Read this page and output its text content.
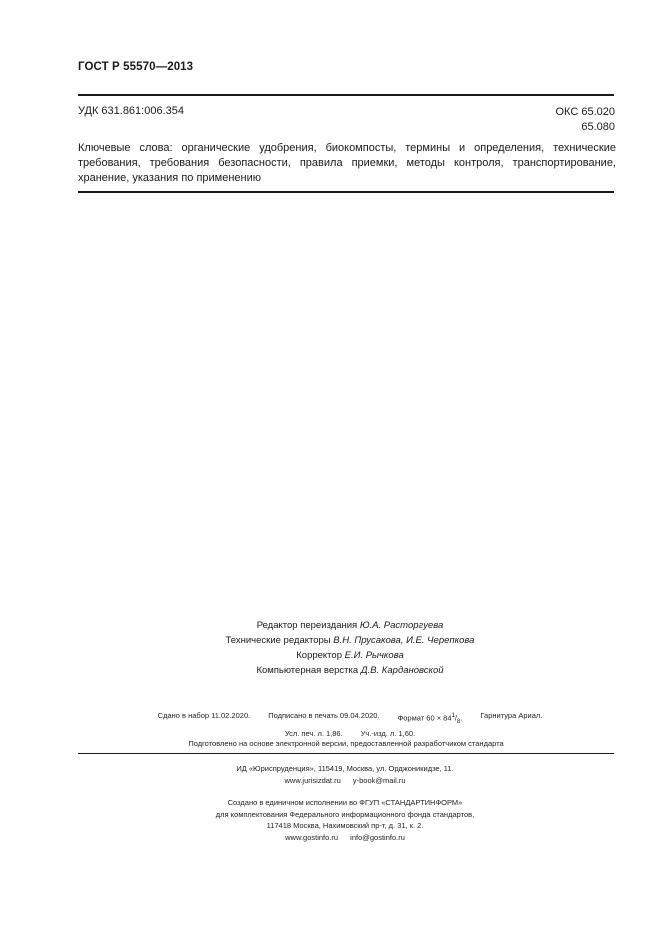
ГОСТ Р 55570—2013
УДК 631.861:006.354	ОКС 65.020
65.080
Ключевые слова: органические удобрения, биокомпосты, термины и определения, технические требования, требования безопасности, правила приемки, методы контроля, транспортирование, хранение, указания по применению
Редактор переиздания Ю.А. Расторгуева
Технические редакторы В.Н. Прусакова, И.Е. Черепкова
Корректор Е.И. Рычкова
Компьютерная верстка Д.В. Кардановской
Сдано в набор 11.02.2020. Подписано в печать 09.04.2020. Формат $60 \times 84^1/_8$. Гарнитура Ариал.
Усл. печ. л. 1,86. Уч.-изд. л. 1,60.
Подготовлено на основе электронной версии, предоставленной разработчиком стандарта
ИД «Юриспруденция», 115419, Москва, ул. Орджоникидзе, 11.
www.jurisizdat.ru y-book@mail.ru
Создано в единичном исполнении во ФГУП «СТАНДАРТИНФОРМ»
для комплектования Федерального информационного фонда стандартов,
117418 Москва, Нахимовский пр-т, д. 31, к. 2.
www.gostinfo.ru info@gostinfo.ru
